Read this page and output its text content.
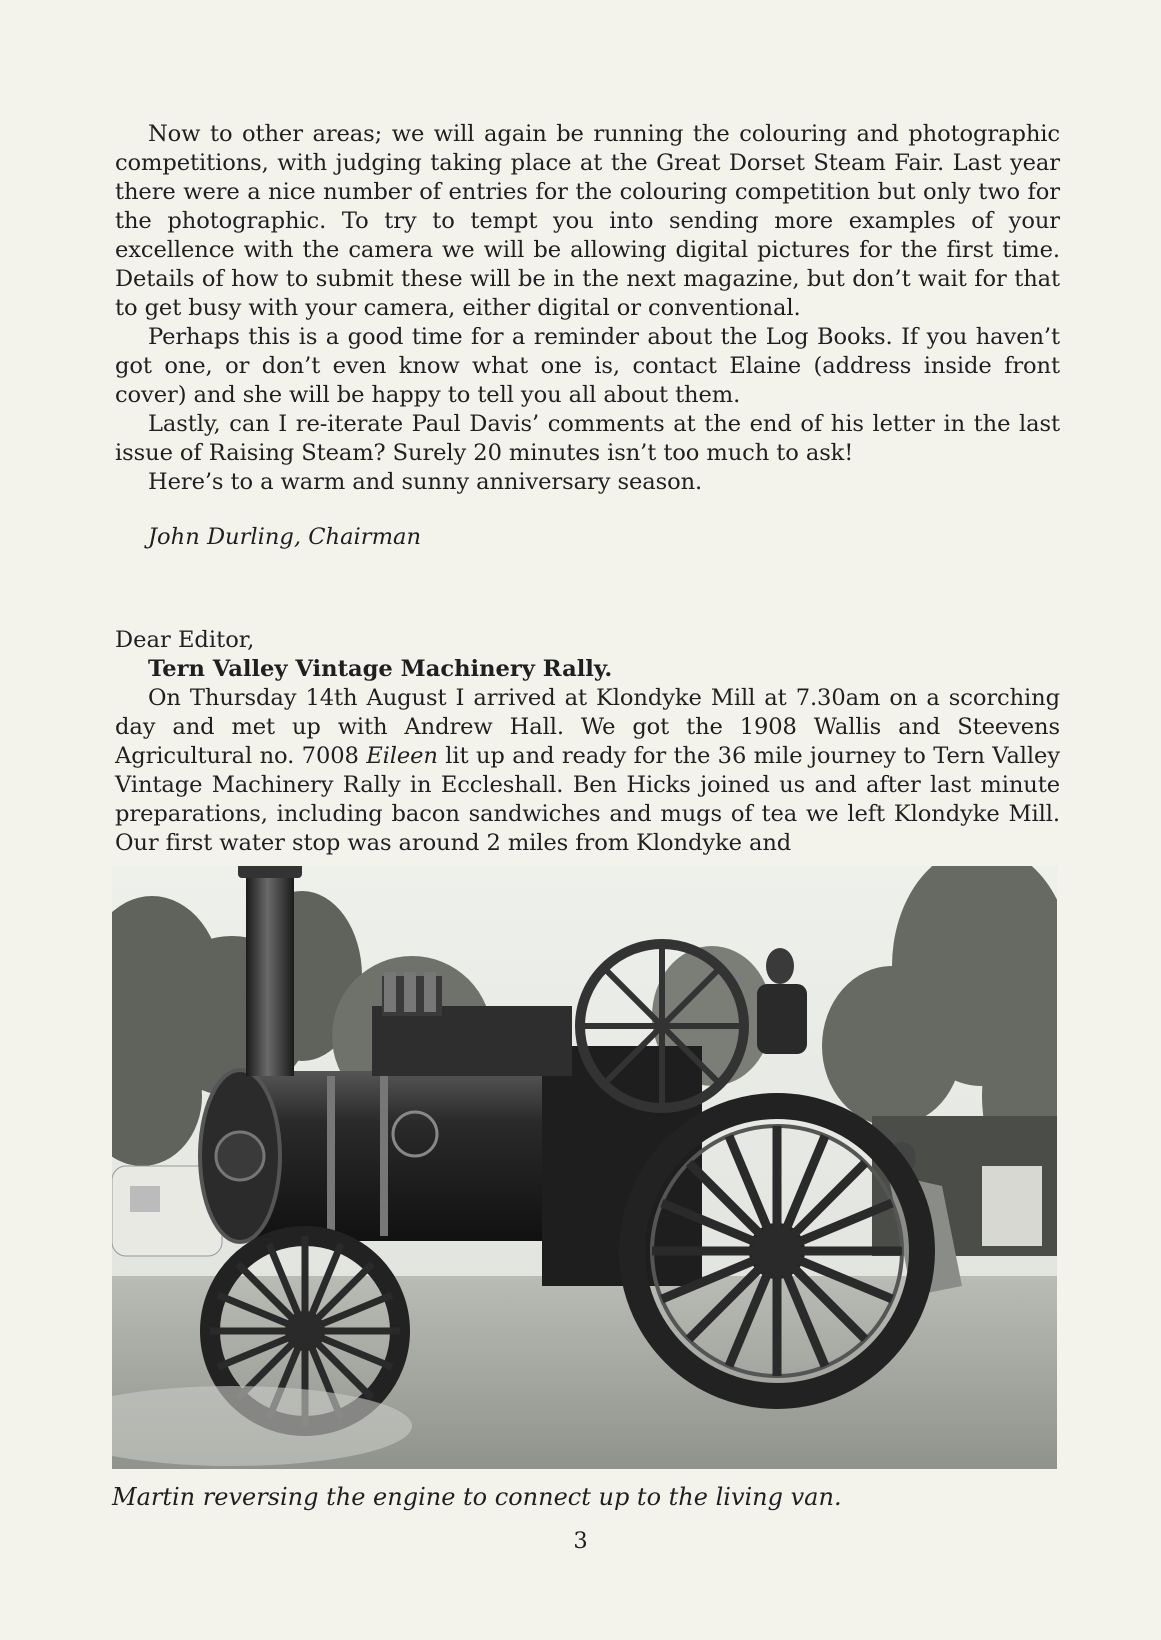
Now to other areas; we will again be running the colouring and photographic competitions, with judging taking place at the Great Dorset Steam Fair. Last year there were a nice number of entries for the colouring competition but only two for the photographic. To try to tempt you into sending more examples of your excellence with the camera we will be allowing digital pictures for the first time. Details of how to submit these will be in the next magazine, but don’t wait for that to get busy with your camera, either digital or conventional.

Perhaps this is a good time for a reminder about the Log Books. If you haven’t got one, or don’t even know what one is, contact Elaine (address inside front cover) and she will be happy to tell you all about them.

Lastly, can I re-iterate Paul Davis’ comments at the end of his letter in the last issue of Raising Steam? Surely 20 minutes isn’t too much to ask!

Here’s to a warm and sunny anniversary season.

John Durling, Chairman
Dear Editor,
Tern Valley Vintage Machinery Rally.

On Thursday 14th August I arrived at Klondyke Mill at 7.30am on a scorching day and met up with Andrew Hall. We got the 1908 Wallis and Steevens Agricultural no. 7008 Eileen lit up and ready for the 36 mile journey to Tern Valley Vintage Machinery Rally in Eccleshall. Ben Hicks joined us and after last minute preparations, including bacon sandwiches and mugs of tea we left Klondyke Mill. Our first water stop was around 2 miles from Klondyke and

Martin reversing the engine to connect up to the living van.
3
